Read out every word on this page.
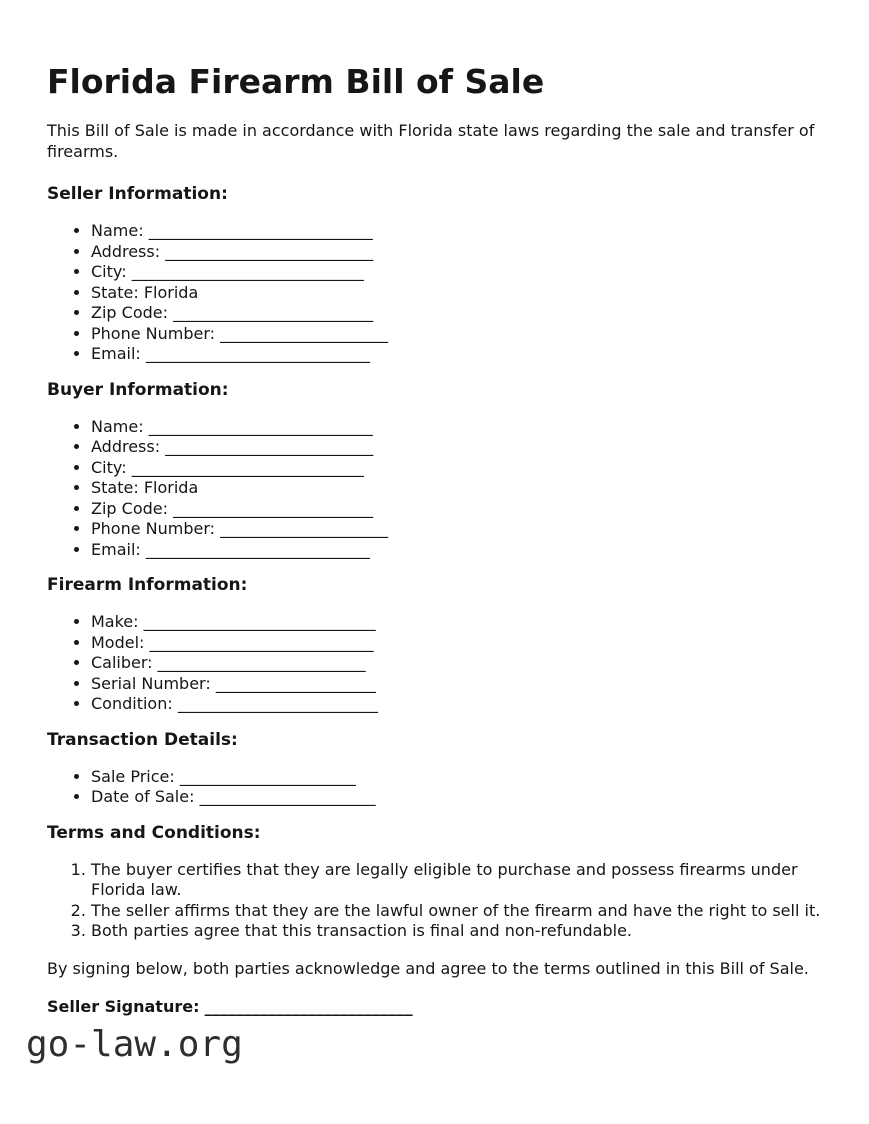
Florida Firearm Bill of Sale

This Bill of Sale is made in accordance with Florida state laws regarding the sale and transfer of firearms.

Seller Information:
• Name: ____________________________
• Address: __________________________
• City: _____________________________
• State: Florida
• Zip Code: _________________________
• Phone Number: _____________________
• Email: ____________________________
Buyer Information:
• Name: ____________________________
• Address: __________________________
• City: _____________________________
• State: Florida
• Zip Code: _________________________
• Phone Number: _____________________
• Email: ____________________________
Firearm Information:
• Make: _____________________________
• Model: ____________________________
• Caliber: __________________________
• Serial Number: ____________________
• Condition: _________________________
Transaction Details:
• Sale Price: ______________________
• Date of Sale: ______________________
Terms and Conditions:
1. The buyer certifies that they are legally eligible to purchase and possess firearms under Florida law.
2. The seller affirms that they are the lawful owner of the firearm and have the right to sell it.
3. Both parties agree that this transaction is final and non-refundable.

By signing below, both parties acknowledge and agree to the terms outlined in this Bill of Sale.

Seller Signature: __________________________

go-law.org
